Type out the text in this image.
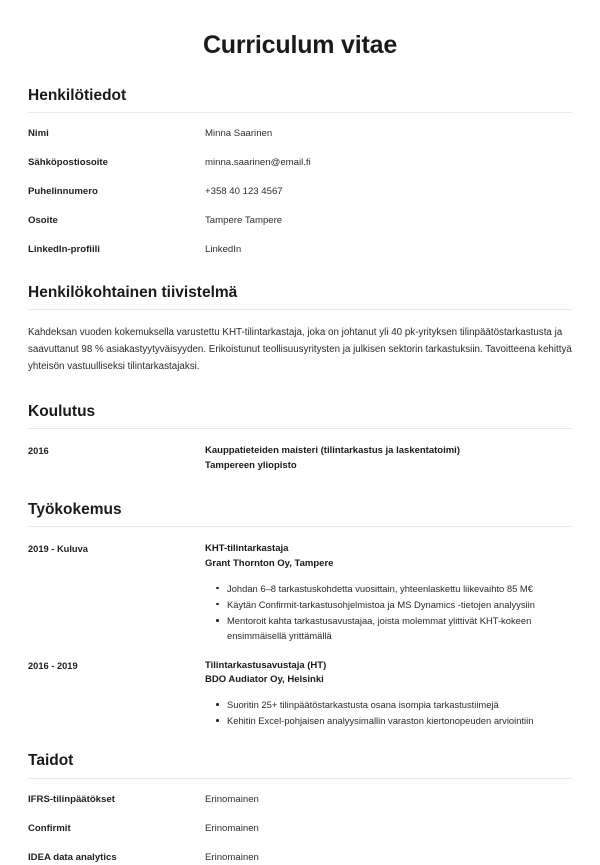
Curriculum vitae
Henkilötiedot
Nimi	Minna Saarinen
Sähköpostiosoite	minna.saarinen@email.fi
Puhelinnumero	+358 40 123 4567
Osoite	Tampere Tampere
LinkedIn-profiili	LinkedIn
Henkilökohtainen tiivistelmä

Kahdeksan vuoden kokemuksella varustettu KHT-tilintarkastaja, joka on johtanut yli 40 pk-yrityksen tilinpäätöstarkastusta ja saavuttanut 98 % asiakastyytyväisyyden. Erikoistunut teollisuusyritysten ja julkisen sektorin tarkastuksiin. Tavoitteena kehittyä yhteisön vastuulliseksi tilintarkastajaksi.

Koulutus
2016	Kauppatieteiden maisteri (tilintarkastus ja laskentatoimi)
Tampereen yliopisto
Työkokemus
2019 - Kuluva	KHT-tilintarkastaja
Grant Thornton Oy, Tampere
Johdan 6–8 tarkastuskohdetta vuosittain, yhteenlaskettu liikevaihto 85 M€
Käytän Confirmit-tarkastusohjelmistoa ja MS Dynamics -tietojen analyysiin
Mentoroit kahta tarkastusavustajaa, joista molemmat ylittivät KHT-kokeen ensimmäisellä yrittämällä
2016 - 2019	Tilintarkastusavustaja (HT)
BDO Audiator Oy, Helsinki
Suoritin 25+ tilinpäätöstarkastusta osana isompia tarkastustiimejä
Kehitin Excel-pohjaisen analyysimallin varaston kiertonopeuden arviointiin
Taidot
IFRS-tilinpäätökset	Erinomainen
Confirmit	Erinomainen
IDEA data analytics	Erinomainen
